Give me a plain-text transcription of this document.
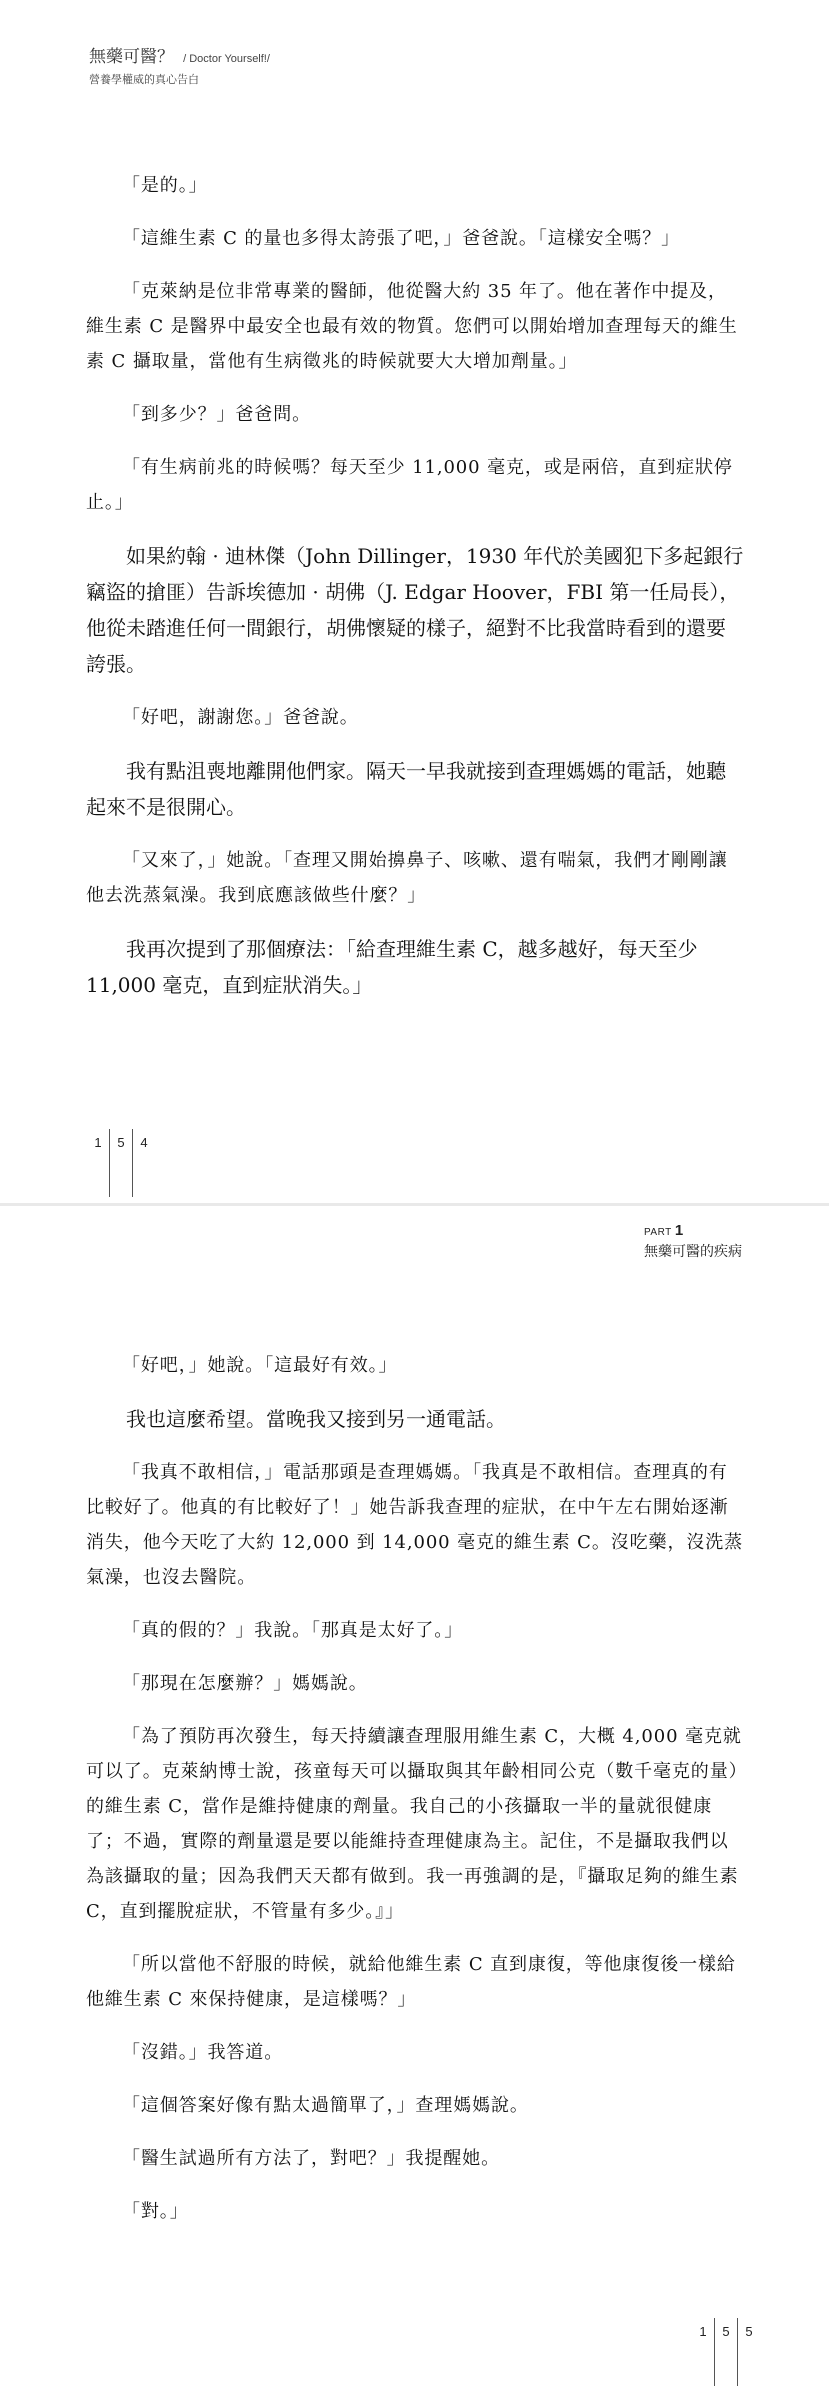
無藥可醫？ / Doctor Yourself!/
營養學權威的真心告白

「是的。」

「這維生素 C 的量也多得太誇張了吧，」爸爸說。「這樣安全嗎？」

「克萊納是位非常專業的醫師，他從醫大約 35 年了。他在著作中提及，維生素 C 是醫界中最安全也最有效的物質。您們可以開始增加查理每天的維生素 C 攝取量，當他有生病徵兆的時候就要大大增加劑量。」

「到多少？」爸爸問。

「有生病前兆的時候嗎？每天至少 11,000 毫克，或是兩倍，直到症狀停止。」

如果約翰 · 迪林傑（John Dillinger，1930 年代於美國犯下多起銀行竊盜的搶匪）告訴埃德加 · 胡佛（J. Edgar Hoover，FBI 第一任局長），他從未踏進任何一間銀行，胡佛懷疑的樣子，絕對不比我當時看到的還要誇張。

「好吧，謝謝您。」爸爸說。

我有點沮喪地離開他們家。隔天一早我就接到查理媽媽的電話，她聽起來不是很開心。

「又來了，」她說。「查理又開始擤鼻子、咳嗽、還有喘氣，我們才剛剛讓他去洗蒸氣澡。我到底應該做些什麼？」

我再次提到了那個療法：「給查理維生素 C，越多越好，每天至少 11,000 毫克，直到症狀消失。」

1 5 4
PART 1
無藥可醫的疾病

「好吧，」她說。「這最好有效。」

我也這麼希望。當晚我又接到另一通電話。

「我真不敢相信，」電話那頭是查理媽媽。「我真是不敢相信。查理真的有比較好了。他真的有比較好了！」她告訴我查理的症狀，在中午左右開始逐漸消失，他今天吃了大約 12,000 到 14,000 毫克的維生素 C。沒吃藥，沒洗蒸氣澡，也沒去醫院。

「真的假的？」我說。「那真是太好了。」

「那現在怎麼辦？」媽媽說。

「為了預防再次發生，每天持續讓查理服用維生素 C，大概 4,000 毫克就可以了。克萊納博士說，孩童每天可以攝取與其年齡相同公克（數千毫克的量）的維生素 C，當作是維持健康的劑量。我自己的小孩攝取一半的量就很健康了；不過，實際的劑量還是要以能維持查理健康為主。記住，不是攝取我們以為該攝取的量；因為我們天天都有做到。我一再強調的是，『攝取足夠的維生素 C，直到擺脫症狀，不管量有多少。』」

「所以當他不舒服的時候，就給他維生素 C 直到康復，等他康復後一樣給他維生素 C 來保持健康，是這樣嗎？」

「沒錯。」我答道。

「這個答案好像有點太過簡單了，」查理媽媽說。

「醫生試過所有方法了，對吧？」我提醒她。

「對。」

1 5 5
